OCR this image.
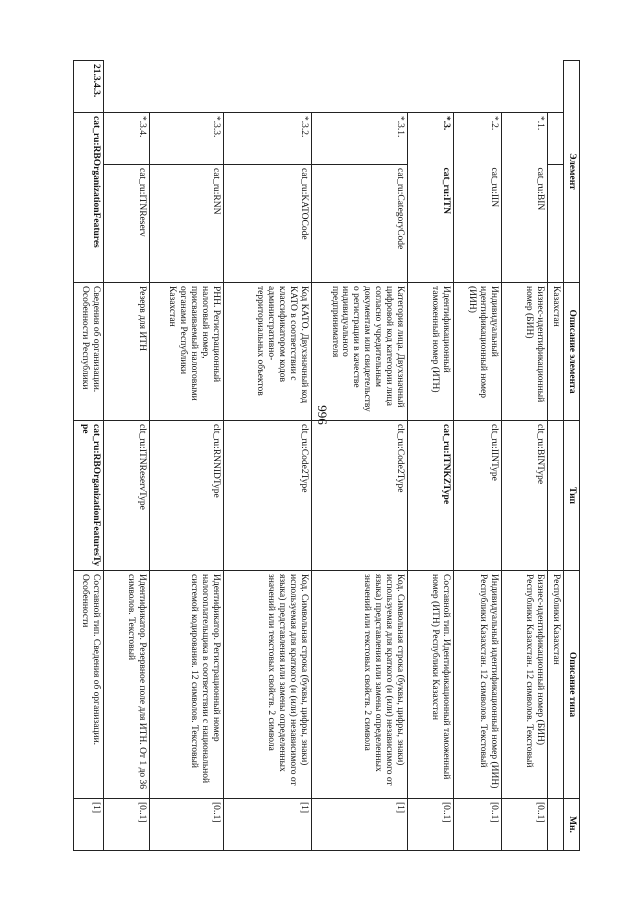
996
Элемент			Описание элемента	Тип	Описание типа	Мн.
			Казахстан		Республики Казахстан	
	*.1.	cat_ru:BIN	Бизнес-идентификационный номер (БИН)	clt_ru:BINType	Бизнес-идентификационный номер (БИН) Республики Казахстан. 12 символов. Текстовый	[0..1]
	*.2.	cat_ru:IIN	Индивидуальный идентификационный номер (ИИН)	clt_ru:IINType	Индивидуальный идентификационный номер (ИИН) Республики Казахстан. 12 символов. Текстовый	[0..1]
	*.3.	cat_ru:ITN	Идентификационный таможенный номер (ИТН)	cat_ru:ITNKZType	Составной тип. Идентификационный таможенный номер (ИТН) Республики Казахстан	[0..1]
	*.3.1.	cat_ru:CategoryCode	Категория лица. Двухзначный цифровой код категории лица согласно учредительным документам или свидетельству о регистрации в качестве индивидуального предпринимателя	clt_ru:Code2Type	Код. Символьная строка (буквы, цифры, знаки) используемая для краткого (и (или) независимого от языка) представления или замены определенных значений или текстовых свойств. 2 символа	[1]
	*.3.2.	cat_ru:KATOCode	Код КАТО. Двухзначный код КАТО в соответствии с классификатором кодов административно-территориальных объектов	clt_ru:Code2Type	Код. Символьная строка (буквы, цифры, знаки) используемая для краткого (и (или) независимого от языка) представления или замены определенных значений или текстовых свойств. 2 символа	[1]
	*.3.3.	cat_ru:RNN	РНН. Регистрационный налоговый номер, присваиваемый налоговыми органами Республики Казахстан	clt_ru:RNNIDType	Идентификатор. Регистрационный номер налогоплательщика в соответствии с национальной системой кодирования. 12 символов. Текстовый	[0..1]
	*.3.4.	cat_ru:ITNReserv	Резерв для ИТН	clt_ru:ITNReservType	Идентификатор. Резервное поле для ИТН. От 1 до 36 символов. Текстовый	[0..1]
21.3.4.3.	cat_ru:RBOrganizationFeatures		Сведения об организации. Особенности Республики	cat_ru:RBOrganizationFeaturesType	Составной тип. Сведения об организации. Особенности	[1]
